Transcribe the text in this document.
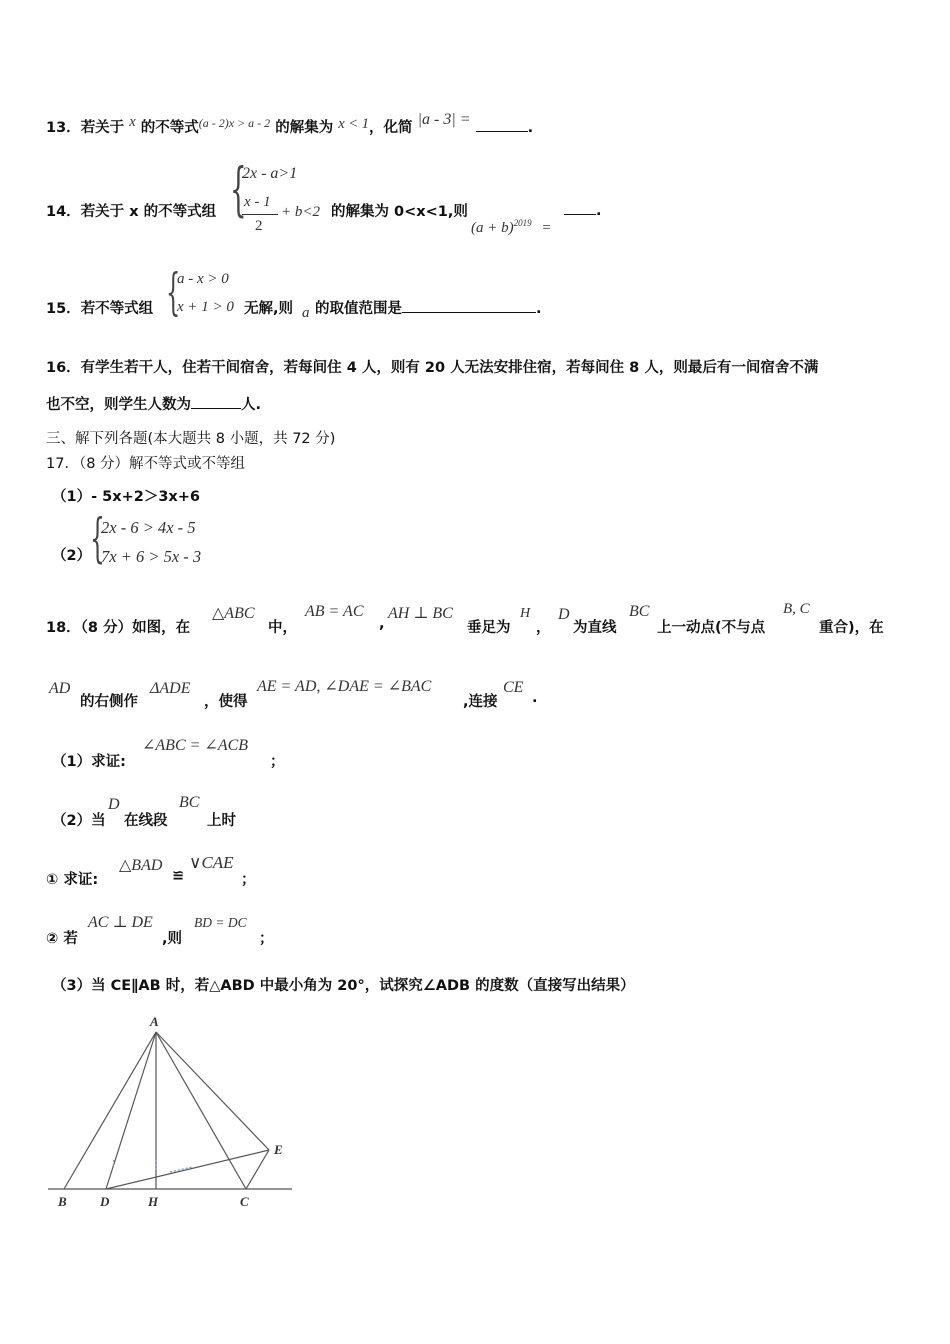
13．若关于 x 的不等式$^{(a - 2)x > a - 2}$ 的解集为 x < 1，化简 |a - 3| =	.
14．若关于 x 的不等式组 {
2x - a>1
x - 1
2
+ b<2 的解集为 0<x<1,则
$(a + b)^{2019}$ =
.
15．若不等式组 {
a - x > 0
x + 1 > 0 无解,则 a 的取值范围是	.
16．有学生若干人，住若干间宿舍，若每间住 4 人，则有 20 人无法安排住宿，若每间住 8 人，则最后有一间宿舍不满
也不空，则学生人数为	人.
三、解下列各题(本大题共 8 小题，共 72 分)
17．（8 分）解不等式或不等组
（1）- 5x+2＞3x+6
（2）
{
2x - 6 > 4x - 5
7x + 6 > 5x - 3
18．（8 分）如图，在
△ABC
中，
AB = AC
,
AH ⊥ BC
垂足为
H
，
D
为直线
BC
上一动点(不与点
B, C
重合)，在
AD
的右侧作
ΔADE
，使得
AE = AD, ∠DAE = ∠BAC
,连接
CE
.
（1）求证:
∠ABC = ∠ACB
；
（2）当
D
在线段
BC
上时
① 求证:
△BAD
≌
∨CAE
；
② 若
AC ⊥ DE
,则
BD = DC
；
（3）当 CE∥AB 时，若△ABD 中最小角为 20°，试探究∠ADB 的度数（直接写出结果）
A
B	D	H	C
E
